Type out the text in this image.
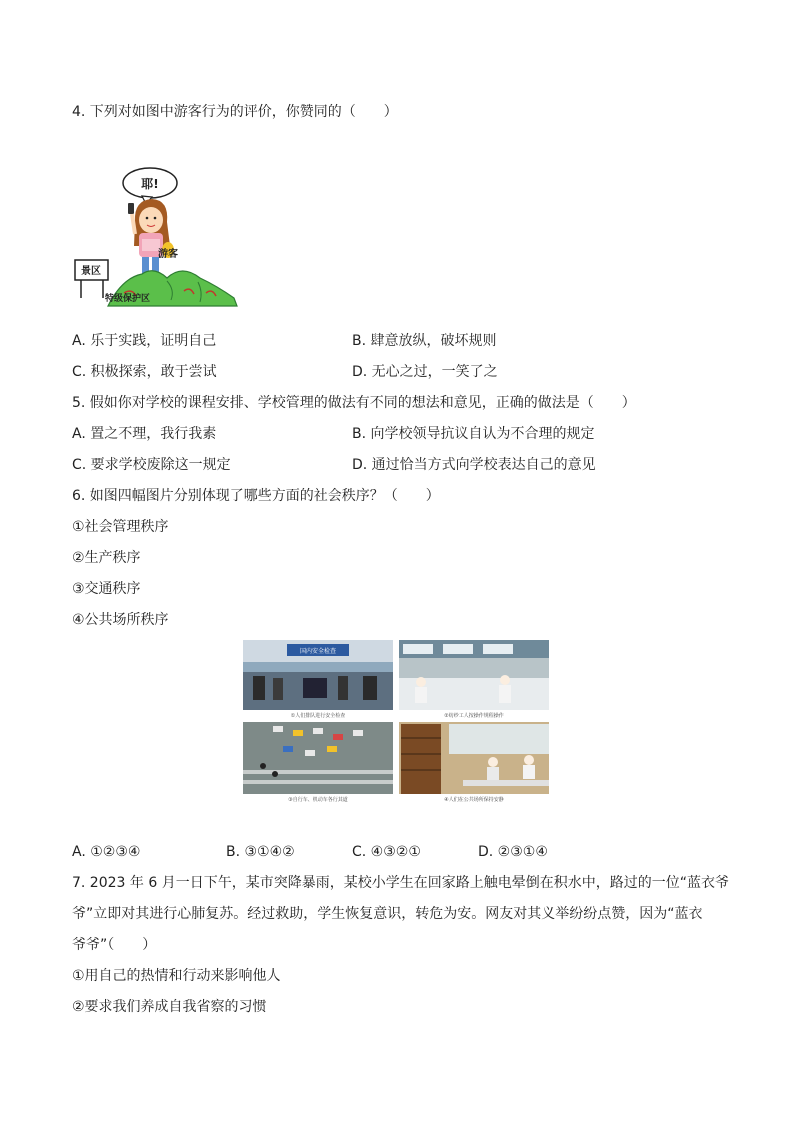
4. 下列对如图中游客行为的评价，你赞同的（　　）
耶!
游客
景区
特级保护区
A. 乐于实践，证明自己	B. 肆意放纵，破坏规则
C. 积极探索，敢于尝试	D. 无心之过，一笑了之
5. 假如你对学校的课程安排、学校管理的做法有不同的想法和意见，正确的做法是（　　）
A. 置之不理，我行我素	B. 向学校领导抗议自认为不合理的规定
C. 要求学校废除这一规定	D. 通过恰当方式向学校表达自己的意见
6. 如图四幅图片分别体现了哪些方面的社会秩序？（　　）
①社会管理秩序
②生产秩序
③交通秩序
④公共场所秩序
国内安全检查
①人们排队进行安全检查	②纺纱工人按操作规程操作
③自行车、机动车各行其道	④人们在公共场所保持安静
A. ①②③④	B. ③①④②	C. ④③②①	D. ②③①④
7. 2023 年 6 月一日下午，某市突降暴雨，某校小学生在回家路上触电晕倒在积水中，路过的一位“蓝衣爷
爷”立即对其进行心肺复苏。经过救助，学生恢复意识，转危为安。网友对其义举纷纷点赞，因为“蓝衣
爷爷”（　　）
①用自己的热情和行动来影响他人
②要求我们养成自我省察的习惯
